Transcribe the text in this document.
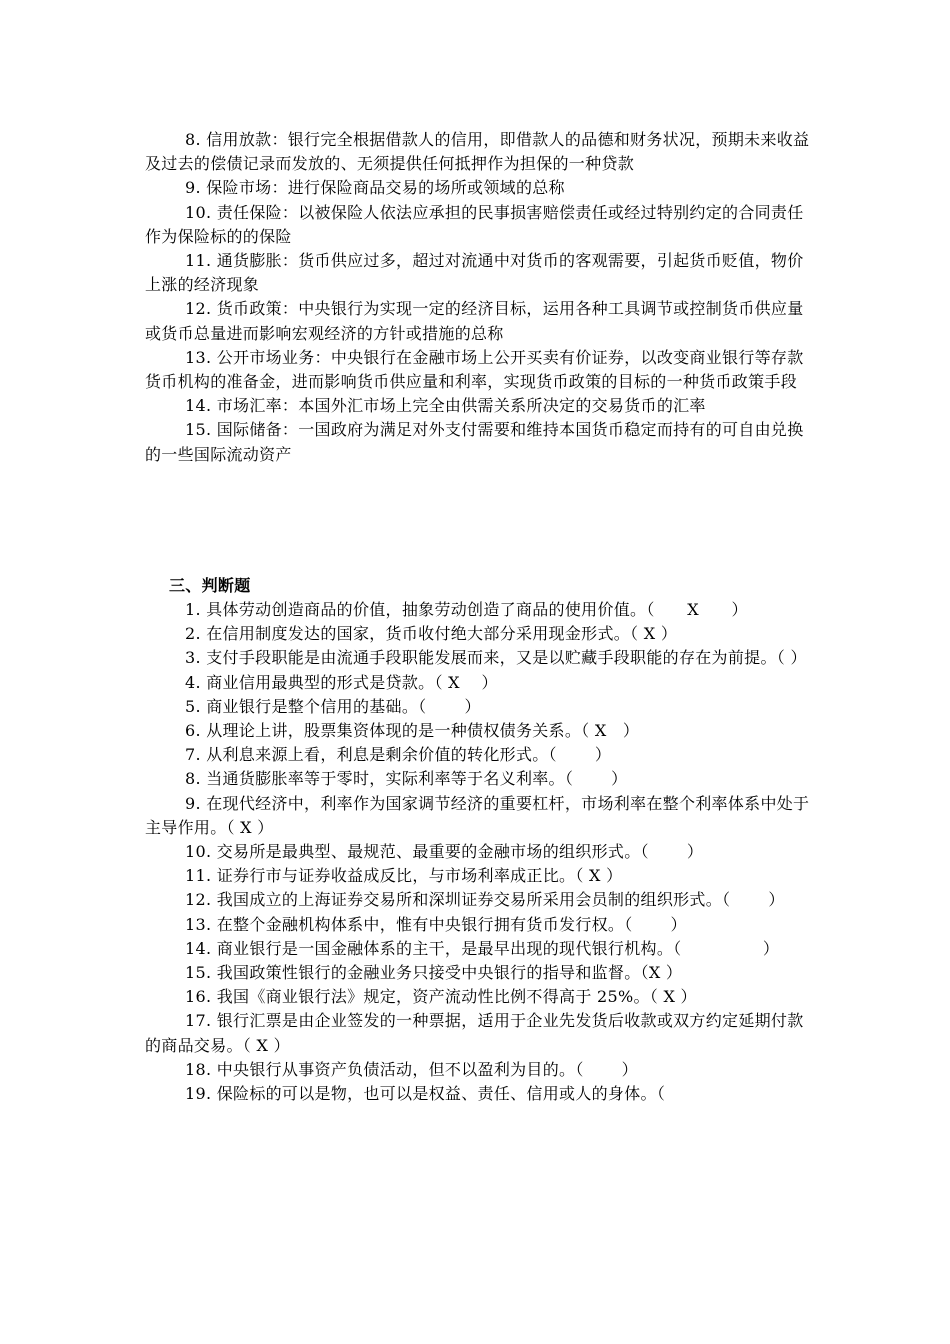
8. 信用放款：银行完全根据借款人的信用，即借款人的品德和财务状况，预期未来收益及过去的偿债记录而发放的、无须提供任何抵押作为担保的一种贷款

9. 保险市场：进行保险商品交易的场所或领域的总称

10. 责任保险：以被保险人依法应承担的民事损害赔偿责任或经过特别约定的合同责任作为保险标的的保险

11. 通货膨胀：货币供应过多，超过对流通中对货币的客观需要，引起货币贬值，物价上涨的经济现象

12. 货币政策：中央银行为实现一定的经济目标，运用各种工具调节或控制货币供应量或货币总量进而影响宏观经济的方针或措施的总称

13. 公开市场业务：中央银行在金融市场上公开买卖有价证券，以改变商业银行等存款货币机构的准备金，进而影响货币供应量和利率，实现货币政策的目标的一种货币政策手段

14. 市场汇率：本国外汇市场上完全由供需关系所决定的交易货币的汇率

15. 国际储备：一国政府为满足对外支付需要和维持本国货币稳定而持有的可自由兑换的一些国际流动资产

三、判断题

1. 具体劳动创造商品的价值，抽象劳动创造了商品的使用价值。（　　X　　）

2. 在信用制度发达的国家，货币收付绝大部分采用现金形式。（ X ）

3. 支付手段职能是由流通手段职能发展而来，又是以贮藏手段职能的存在为前提。（ ）

4. 商业信用最典型的形式是贷款。（ X　 ）

5. 商业银行是整个信用的基础。（　　 ）

6. 从理论上讲，股票集资体现的是一种债权债务关系。（ X　）

7. 从利息来源上看，利息是剩余价值的转化形式。（　　 ）

8. 当通货膨胀率等于零时，实际利率等于名义利率。（　　 ）

9. 在现代经济中，利率作为国家调节经济的重要杠杆，市场利率在整个利率体系中处于主导作用。（ X ）

10. 交易所是最典型、最规范、最重要的金融市场的组织形式。（　　 ）

11. 证券行市与证券收益成反比，与市场利率成正比。（ X ）

12. 我国成立的上海证券交易所和深圳证券交易所采用会员制的组织形式。（　　 ）

13. 在整个金融机构体系中，惟有中央银行拥有货币发行权。（　　 ）

14. 商业银行是一国金融体系的主干，是最早出现的现代银行机构。（　　　　　）

15. 我国政策性银行的金融业务只接受中央银行的指导和监督。（X ）

16. 我国《商业银行法》规定，资产流动性比例不得高于 25%。（ X ）

17. 银行汇票是由企业签发的一种票据，适用于企业先发货后收款或双方约定延期付款的商品交易。（ X ）

18. 中央银行从事资产负债活动，但不以盈利为目的。（　　 ）

19. 保险标的可以是物，也可以是权益、责任、信用或人的身体。（
